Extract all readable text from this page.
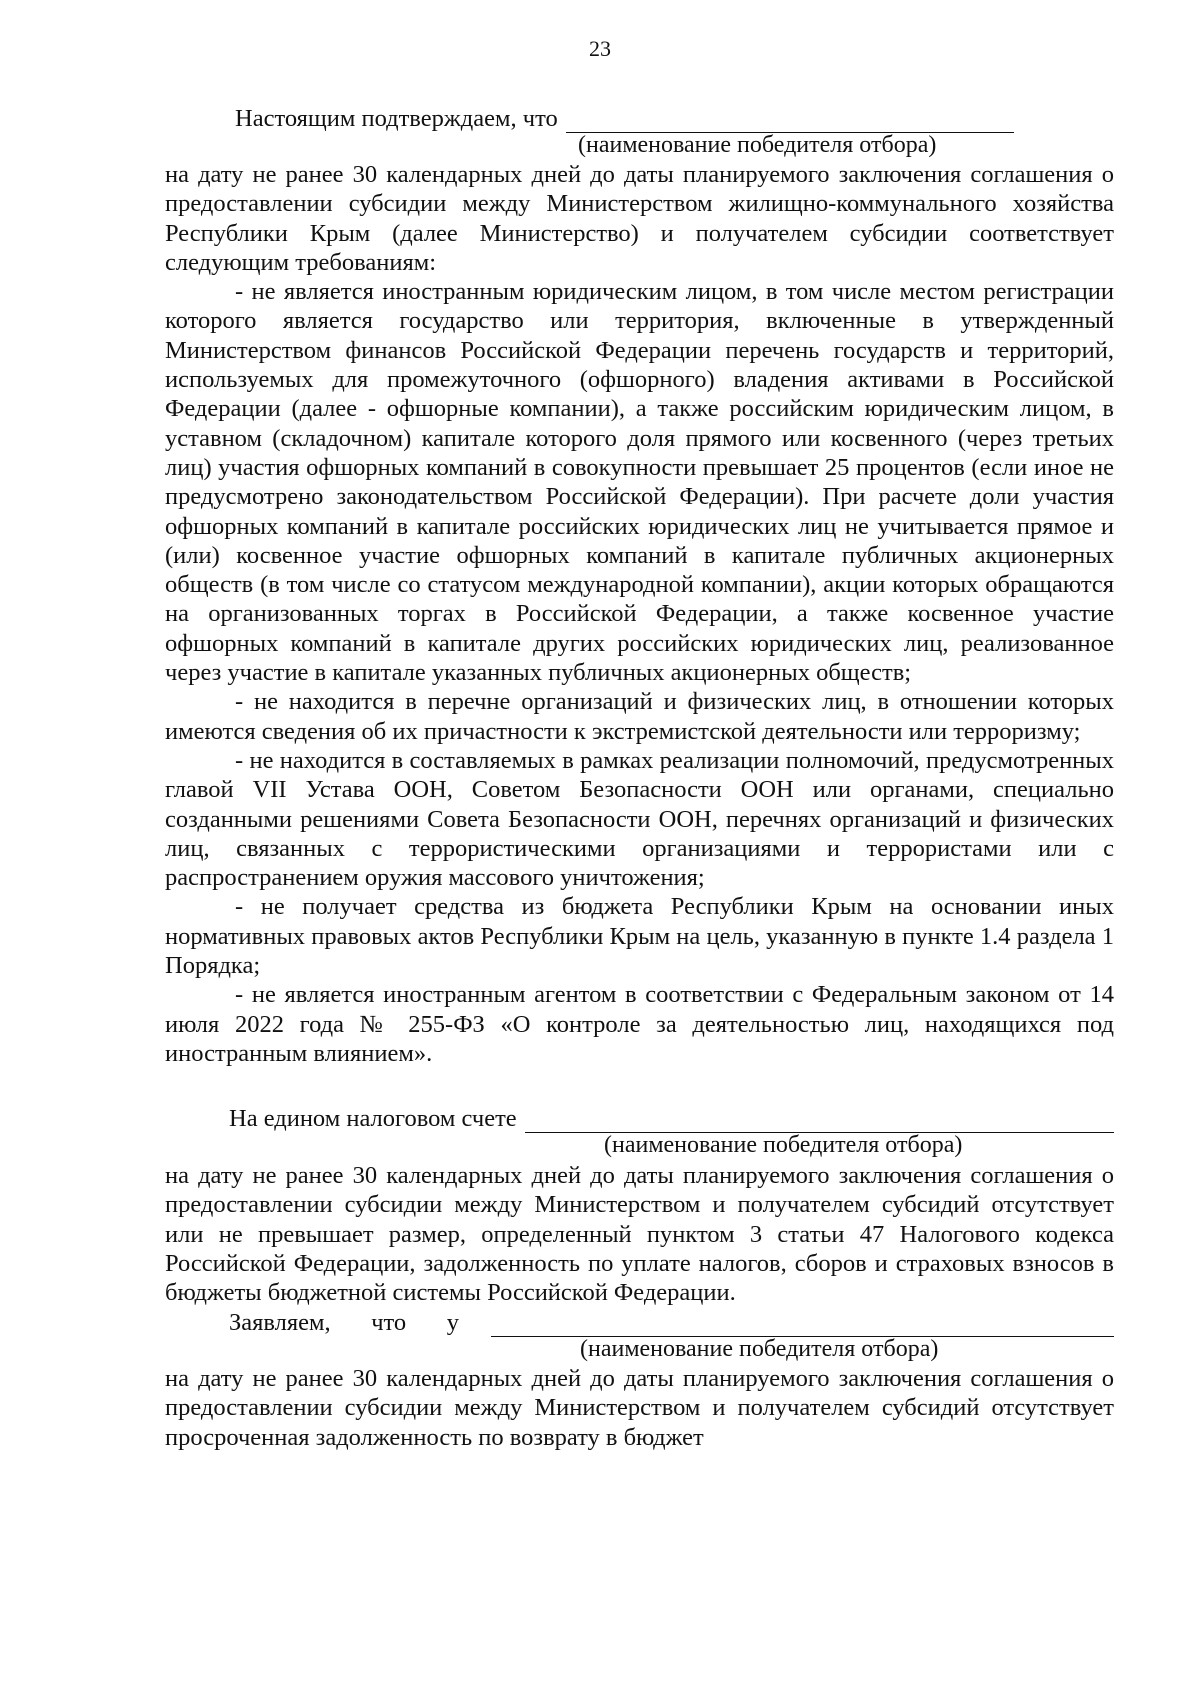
23
Настоящим подтверждаем, что
(наименование победителя отбора)

на дату не ранее 30 календарных дней до даты планируемого заключения соглашения о предоставлении субсидии между Министерством жилищно-коммунального хозяйства Республики Крым (далее Министерство) и получателем субсидии соответствует следующим требованиям:

- не является иностранным юридическим лицом, в том числе местом регистрации которого является государство или территория, включенные в утвержденный Министерством финансов Российской Федерации перечень государств и территорий, используемых для промежуточного (офшорного) владения активами в Российской Федерации (далее - офшорные компании), а также российским юридическим лицом, в уставном (складочном) капитале которого доля прямого или косвенного (через третьих лиц) участия офшорных компаний в совокупности превышает 25 процентов (если иное не предусмотрено законодательством Российской Федерации). При расчете доли участия офшорных компаний в капитале российских юридических лиц не учитывается прямое и (или) косвенное участие офшорных компаний в капитале публичных акционерных обществ (в том числе со статусом международной компании), акции которых обращаются на организованных торгах в Российской Федерации, а также косвенное участие офшорных компаний в капитале других российских юридических лиц, реализованное через участие в капитале указанных публичных акционерных обществ;

- не находится в перечне организаций и физических лиц, в отношении которых имеются сведения об их причастности к экстремистской деятельности или терроризму;

- не находится в составляемых в рамках реализации полномочий, предусмотренных главой VII Устава ООН, Советом Безопасности ООН или органами, специально созданными решениями Совета Безопасности ООН, перечнях организаций и физических лиц, связанных с террористическими организациями и террористами или с распространением оружия массового уничтожения;

- не получает средства из бюджета Республики Крым на основании иных нормативных правовых актов Республики Крым на цель, указанную в пункте 1.4 раздела 1 Порядка;

- не является иностранным агентом в соответствии с Федеральным законом от 14 июля 2022 года № 255-ФЗ «О контроле за деятельностью лиц, находящихся под иностранным влиянием».

На едином налоговом счете
(наименование победителя отбора)

на дату не ранее 30 календарных дней до даты планируемого заключения соглашения о предоставлении субсидии между Министерством и получателем субсидий отсутствует или не превышает размер, определенный пунктом 3 статьи 47 Налогового кодекса Российской Федерации, задолженность по уплате налогов, сборов и страховых взносов в бюджеты бюджетной системы Российской Федерации.

Заявляем, что у
(наименование победителя отбора)

на дату не ранее 30 календарных дней до даты планируемого заключения соглашения о предоставлении субсидии между Министерством и получателем субсидий отсутствует просроченная задолженность по возврату в бюджет
